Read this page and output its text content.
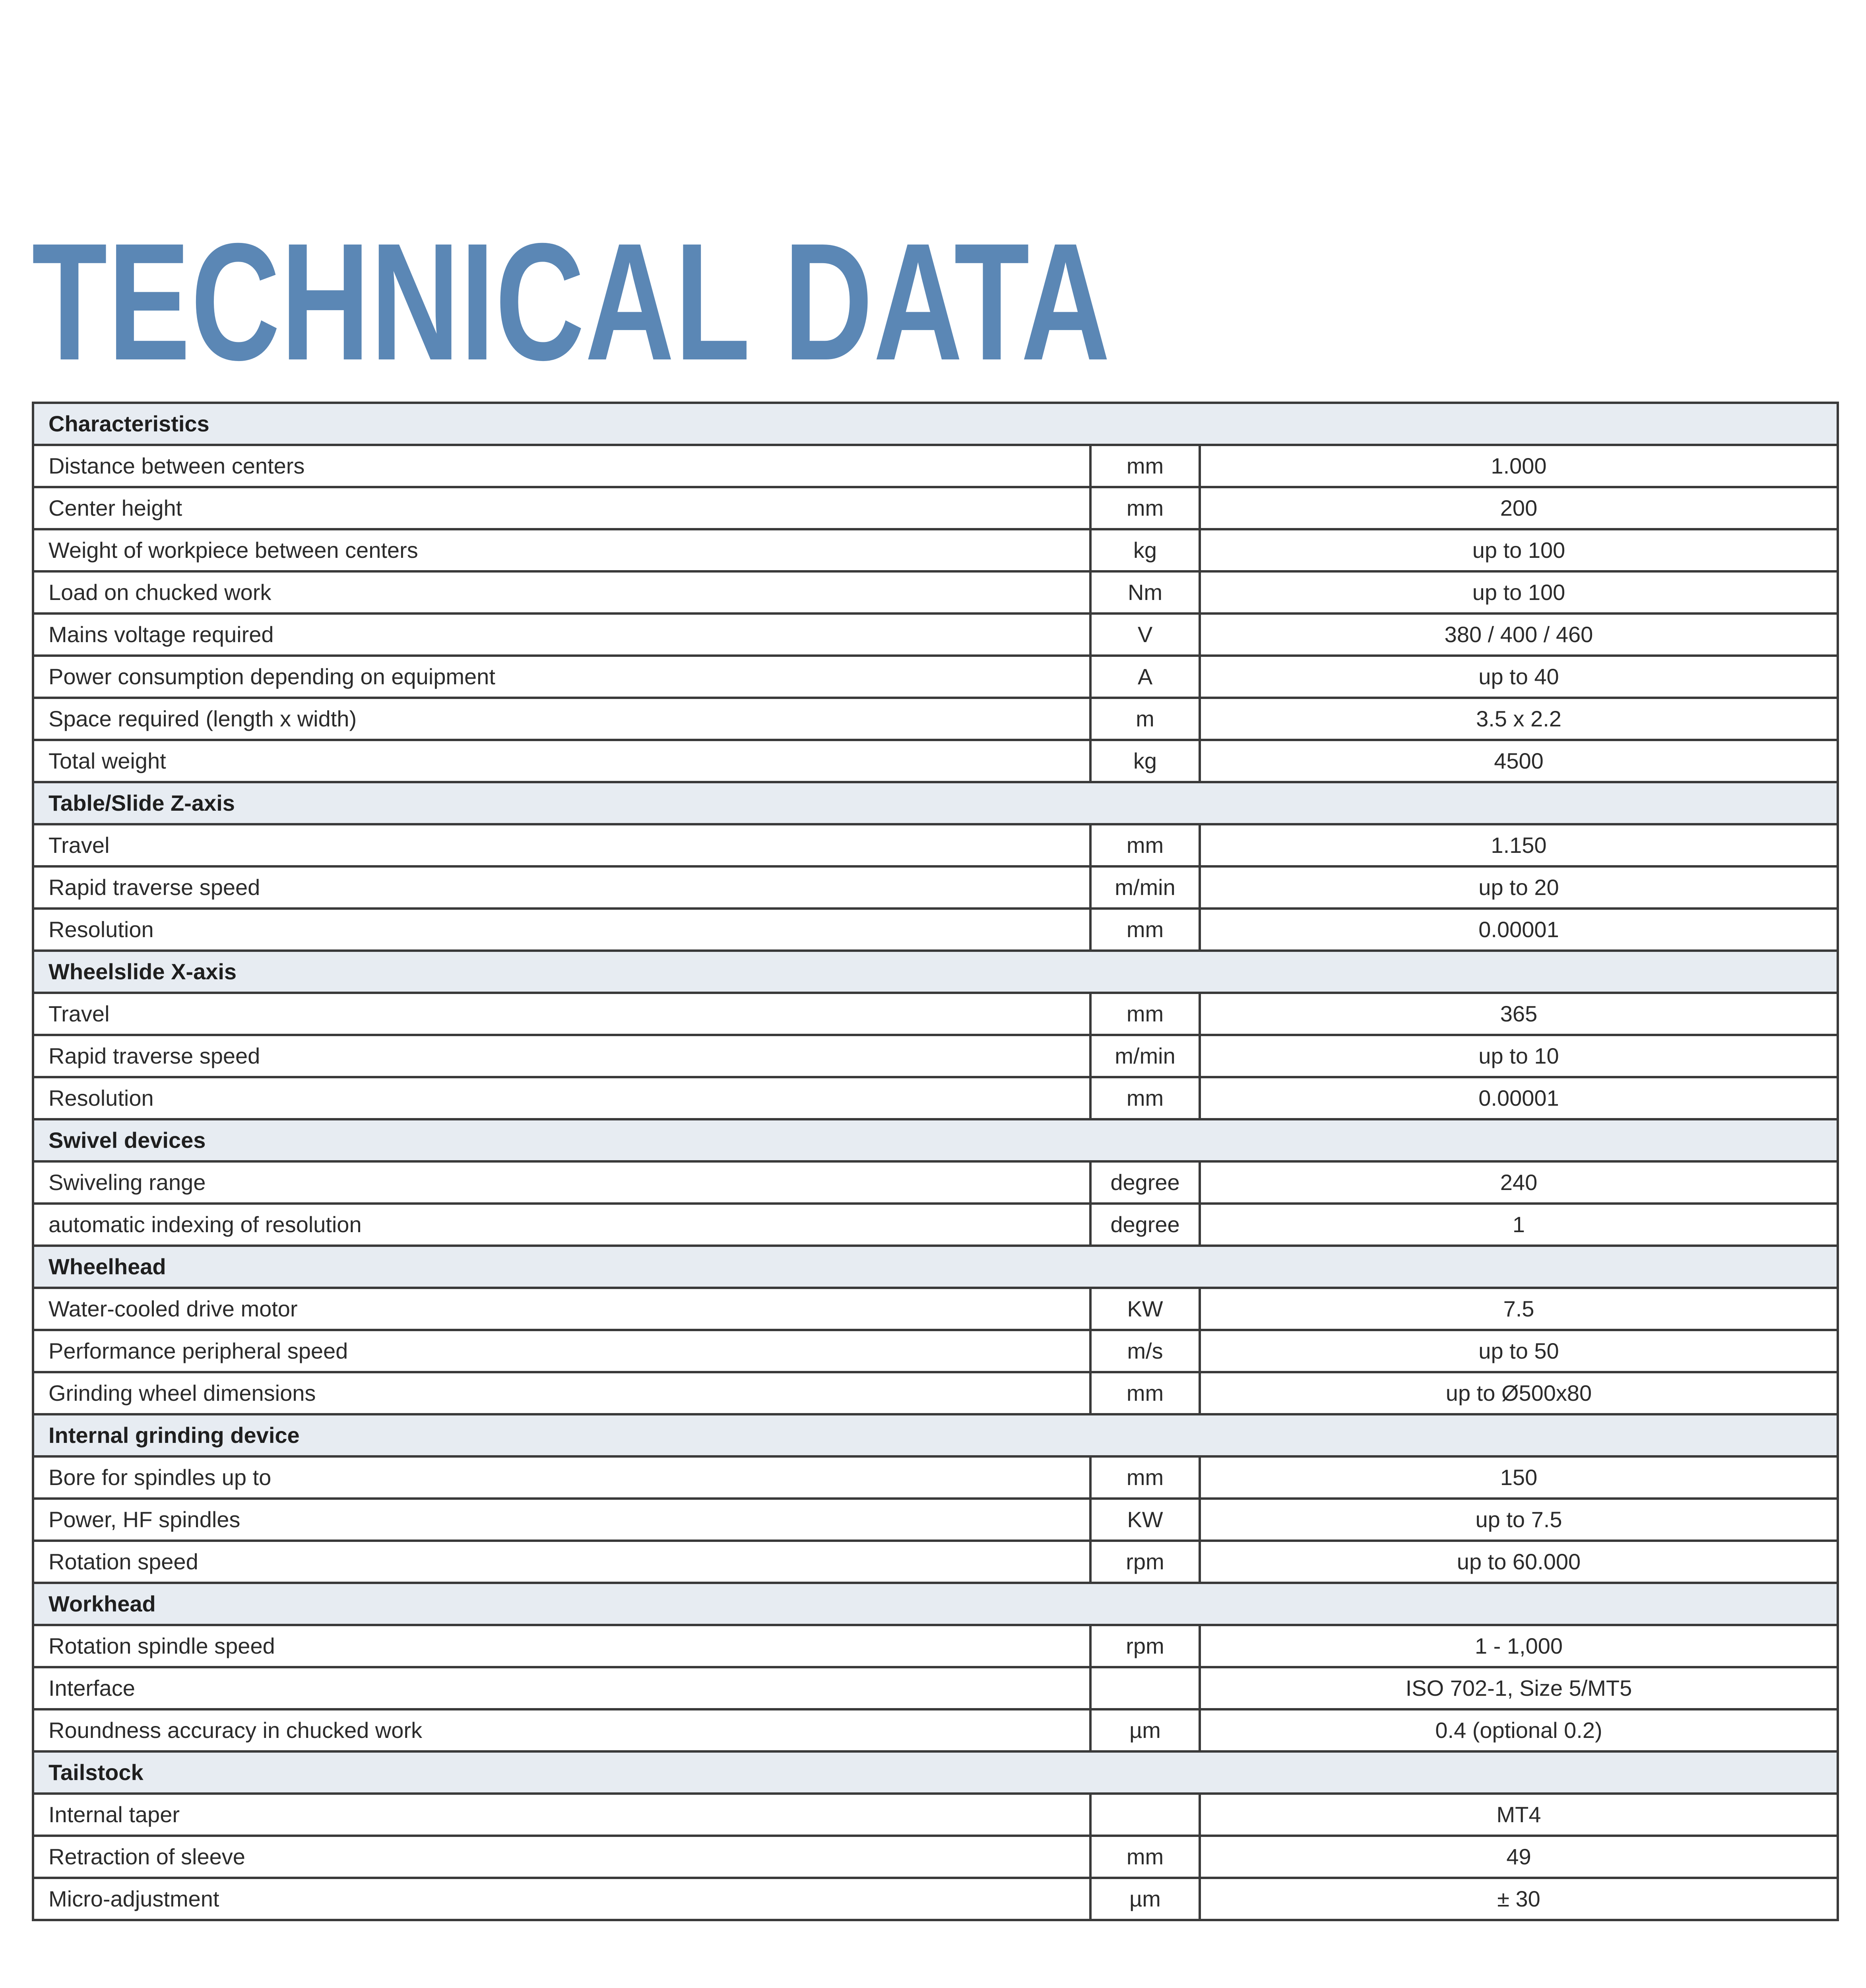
TECHNICAL DATA
Characteristics		
Distance between centers	mm	1.000
Center height	mm	200
Weight of workpiece between centers	kg	up to 100
Load on chucked work	Nm	up to 100
Mains voltage required	V	380 / 400 / 460
Power consumption depending on equipment	A	up to 40
Space required (length x width)	m	3.5 x 2.2
Total weight	kg	4500
Table/Slide Z-axis		
Travel	mm	1.150
Rapid traverse speed	m/min	up to 20
Resolution	mm	0.00001
Wheelslide X-axis		
Travel	mm	365
Rapid traverse speed	m/min	up to 10
Resolution	mm	0.00001
Swivel devices		
Swiveling range	degree	240
automatic indexing of resolution	degree	1
Wheelhead		
Water-cooled drive motor	KW	7.5
Performance peripheral speed	m/s	up to 50
Grinding wheel dimensions	mm	up to Ø500x80
Internal grinding device		
Bore for spindles up to	mm	150
Power, HF spindles	KW	up to 7.5
Rotation speed	rpm	up to 60.000
Workhead		
Rotation spindle speed	rpm	1 - 1,000
Interface		ISO 702-1, Size 5/MT5
Roundness accuracy in chucked work	µm	0.4 (optional 0.2)
Tailstock		
Internal taper		MT4
Retraction of sleeve	mm	49
Micro-adjustment	µm	± 30
